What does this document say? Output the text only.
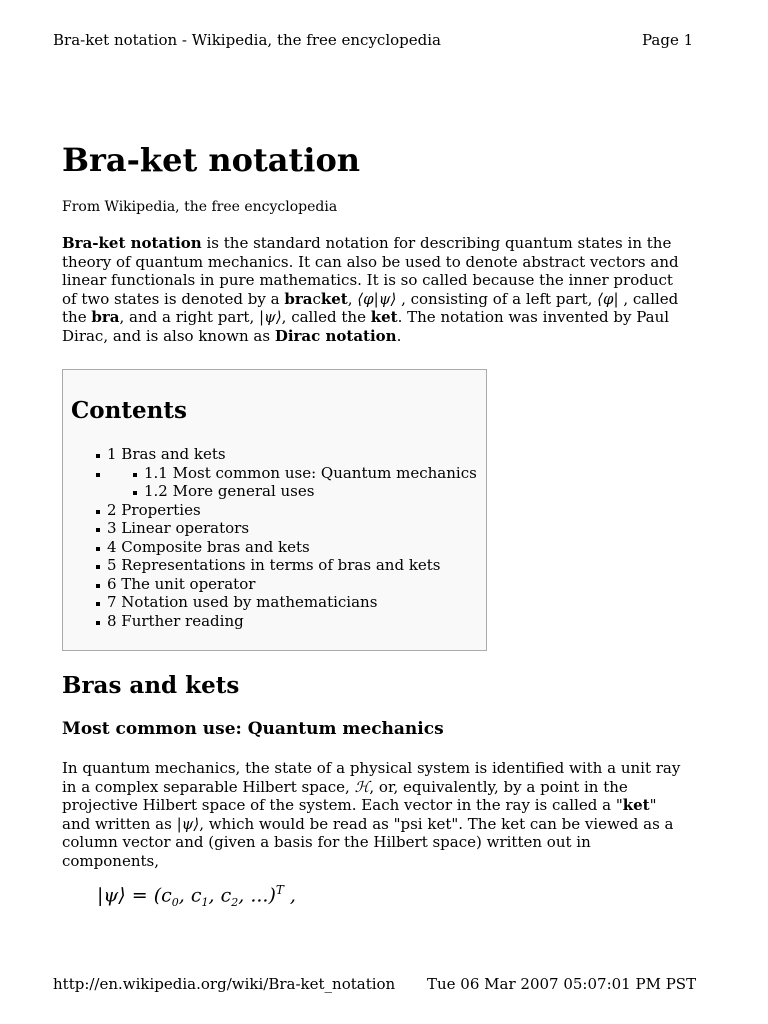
Bra-ket notation - Wikipedia, the free encyclopedia	Page 1
Bra-ket notation
From Wikipedia, the free encyclopedia
Bra-ket notation is the standard notation for describing quantum states in the theory of quantum mechanics. It can also be used to denote abstract vectors and linear functionals in pure mathematics. It is so called because the inner product of two states is denoted by a bracket, ⟨φ|ψ⟩ , consisting of a left part, ⟨φ| , called the bra, and a right part, |ψ⟩, called the ket. The notation was invented by Paul Dirac, and is also known as Dirac notation.
Contents
1 Bras and kets
1.1 Most common use: Quantum mechanics
1.2 More general uses
2 Properties
3 Linear operators
4 Composite bras and kets
5 Representations in terms of bras and kets
6 The unit operator
7 Notation used by mathematicians
8 Further reading
Bras and kets
Most common use: Quantum mechanics
In quantum mechanics, the state of a physical system is identified with a unit ray in a complex separable Hilbert space, ℋ, or, equivalently, by a point in the projective Hilbert space of the system. Each vector in the ray is called a "ket" and written as |ψ⟩, which would be read as "psi ket". The ket can be viewed as a column vector and (given a basis for the Hilbert space) written out in components,
|ψ⟩ = ($c_0$, $c_1$, $c_2$, ...)$^T$ ,
http://en.wikipedia.org/wiki/Bra-ket_notation Tue 06 Mar 2007 05:07:01 PM PST
